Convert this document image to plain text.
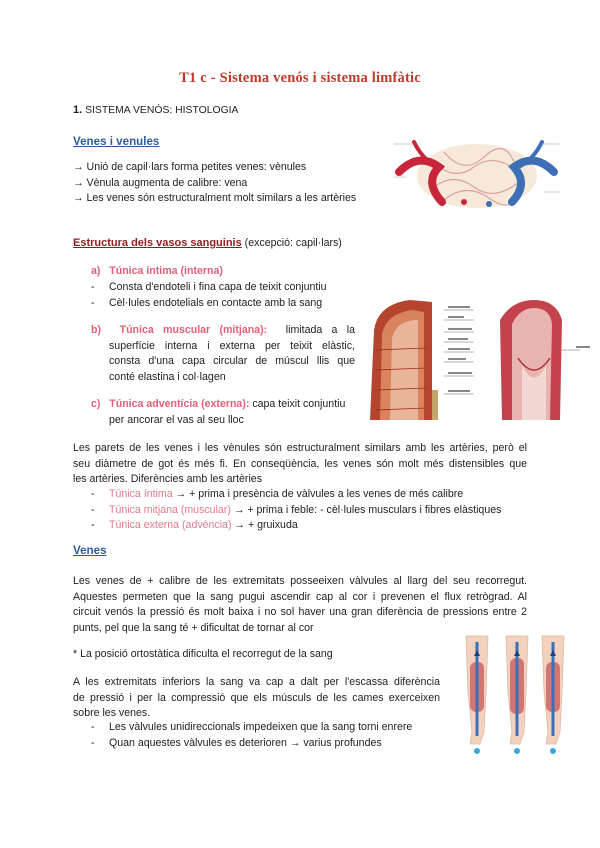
T1 c - Sistema venós i sistema limfàtic
1. SISTEMA VENÓS: HISTOLOGIA
Venes i venules
→ Unió de capil·lars forma petites venes: vènules
→ Vènula augmenta de calibre: vena
→ Les venes són estructuralment molt similars a les artèries
Estructura dels vasos sanguinis (excepció: capil·lars)
a) Túnica íntima (interna)
- Consta d'endoteli i fina capa de teixit conjuntiu
- Cèl·lules endotelials en contacte amb la sang
b) Túnica muscular (mitjana): limitada a la
superfície interna i externa per teixit elàstic,
consta d'una capa circular de múscul llis que
conté elastina i col·lagen
c) Túnica adventícia (externa): capa teixit conjuntiu
per ancorar el vas al seu lloc
Les parets de les venes i les vènules són estructuralment similars amb les artèries, però el
seu diàmetre de got és més fi. En conseqüència, les venes són molt més distensibles que
les artèries. Diferències amb les artèries
- Túnica íntima → + prima i presència de vàlvules a les venes de més calibre
- Túnica mitjana (muscular) → + prima i feble: - cèl·lules musculars i fibres elàstiques
- Túnica externa (advència) → + gruixuda
Venes
Les venes de + calibre de les extremitats posseeixen vàlvules al llarg del seu recorregut.
Aquestes permeten que la sang pugui ascendir cap al cor i prevenen el flux retrògrad. Al
circuit venós la pressió és molt baixa i no sol haver una gran diferència de pressions entre 2
punts, pel que la sang té + dificultat de tornar al cor
* La posició ortostàtica dificulta el recorregut de la sang
A les extremitats inferiors la sang va cap a dalt per l'escassa diferència
de pressió i per la compressió que els músculs de les cames exerceixen
sobre les venes.
- Les vàlvules unidireccionals impedeixen que la sang torni enrere
- Quan aquestes vàlvules es deterioren → varius profundes
